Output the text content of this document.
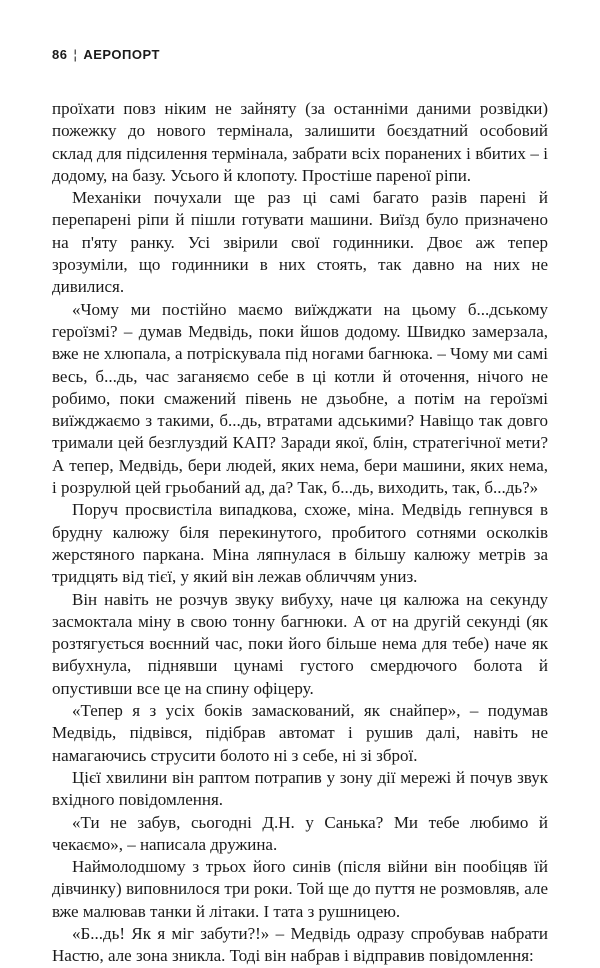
86 ¦ АЕРОПОРТ

проїхати повз ніким не зайняту (за останніми даними розвідки) пожежку до нового термінала, залишити боєздатний особовий склад для підсилення термінала, забрати всіх поранених і вбитих – і додому, на базу. Усього й клопоту. Простіше пареної ріпи.

Механіки почухали ще раз ці самі багато разів парені й перепарені ріпи й пішли готувати машини. Виїзд було призначено на п'яту ранку. Усі звірили свої годинники. Двоє аж тепер зрозуміли, що годинники в них стоять, так давно на них не дивилися.

«Чому ми постійно маємо виїжджати на цьому б...дському героїзмі? – думав Медвідь, поки йшов додому. Швидко замерзала, вже не хлюпала, а потріскувала під ногами багнюка. – Чому ми самі весь, б...дь, час заганяємо себе в ці котли й оточення, нічого не робимо, поки смажений півень не дзьобне, а потім на героїзмі виїжджаємо з такими, б...дь, втратами адськими? Навіщо так довго тримали цей безглуздий КАП? Заради якої, блін, стратегічної мети? А тепер, Медвідь, бери людей, яких нема, бери машини, яких нема, і розрулюй цей грьобаний ад, да? Так, б...дь, виходить, так, б...дь?»

Поруч просвистіла випадкова, схоже, міна. Медвідь гепнувся в брудну калюжу біля перекинутого, пробитого сотнями осколків жерстяного паркана. Міна ляпнулася в більшу калюжу метрів за тридцять від тієї, у який він лежав обличчям униз.

Він навіть не розчув звуку вибуху, наче ця калюжа на секунду засмоктала міну в свою тонну багнюки. А от на другій секунді (як розтягується воєнний час, поки його більше нема для тебе) наче як вибухнула, піднявши цунамі густого смердючого болота й опустивши все це на спину офіцеру.

«Тепер я з усіх боків замаскований, як снайпер», – подумав Медвідь, підвівся, підібрав автомат і рушив далі, навіть не намагаючись струсити болото ні з себе, ні зі зброї.

Цієї хвилини він раптом потрапив у зону дії мережі й почув звук вхідного повідомлення.

«Ти не забув, сьогодні Д.Н. у Санька? Ми тебе любимо й чекаємо», – написала дружина.

Наймолодшому з трьох його синів (після війни він пообіцяв їй дівчинку) виповнилося три роки. Той ще до пуття не розмовляв, але вже малював танки й літаки. І тата з рушницею.

«Б...дь! Як я міг забути?!» – Медвідь одразу спробував набрати Настю, але зона зникла. Тоді він набрав і відправив повідомлення:
